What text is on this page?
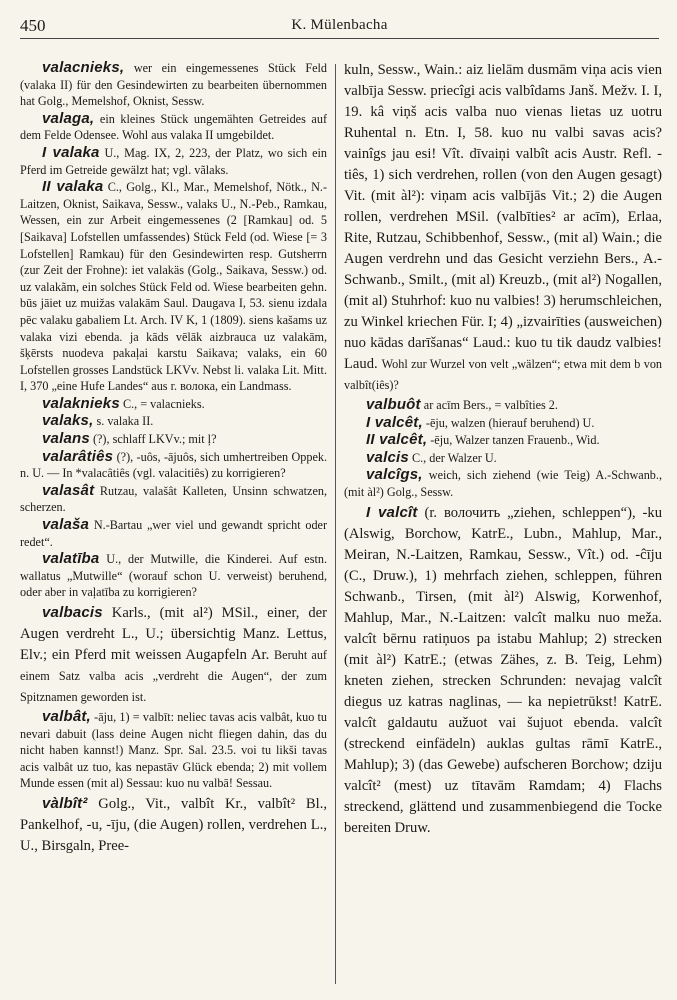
450	K. Mülenbacha

valacnieks, wer ein eingemessenes Stück Feld (valaka II) für den Gesindewirten zu bearbeiten übernommen hat Golg., Memelshof, Oknist, Sessw.

valaga, ein kleines Stück ungemähten Getreides auf dem Felde Odensee. Wohl aus valaka II umgebildet.

I valaka U., Mag. IX, 2, 223, der Platz, wo sich ein Pferd im Getreide gewälzt hat; vgl. vãlaks.

II valaka C., Golg., Kl., Mar., Memelshof, Nötk., N.-Laitzen, Oknist, Saikava, Sessw., valaks U., N.-Peb., Ramkau, Wessen, ein zur Arbeit eingemessenes (2 [Ramkau] od. 5 [Saikava] Lofstellen umfassendes) Stück Feld (od. Wiese [= 3 Lofstellen] Ramkau) für den Gesindewirten resp. Gutsherrn (zur Zeit der Frohne): iet valakäs (Golg., Saikava, Sessw.) od. uz valakãm, ein solches Stück Feld od. Wiese bearbeiten gehn. būs jāiet uz muižas valakām Saul. Daugava I, 53. sienu izdala pēc valaku gabaliem Lt. Arch. IV K, 1 (1809). siens kašams uz valaka vizi ebenda. ja kāds vēlāk aizbrauca uz valakām, šķērsts nuodeva pakaļai karstu Saikava; valaks, ein 60 Lofstellen grosses Landstück LKVv. Nebst li. valaka Lit. Mitt. I, 370 „eine Hufe Landes“ aus r. волока, ein Landmass.

valaknieks C., = valacnieks.

valaks, s. valaka II.

valans (?), schlaff LKVv.; mit ļ?

valarâtiês (?), -uôs, -ājuôs, sich umhertreiben Oppek. n. U. — In *valacâtiês (vgl. valacitiês) zu korrigieren?

valasât Rutzau, valašât Kalleten, Unsinn schwatzen, scherzen.

valaša N.-Bartau „wer viel und gewandt spricht oder redet“.

valatība U., der Mutwille, die Kinderei. Auf estn. wallatus „Mutwille“ (worauf schon U. verweist) beruhend, oder aber in vaļatība zu korrigieren?

valbacis Karls., (mit al²) MSil., einer, der Augen verdreht L., U.; übersichtig Manz. Lettus, Elv.; ein Pferd mit weissen Augapfeln Ar. Beruht auf einem Satz valba acis „verdreht die Augen“, der zum Spitznamen geworden ist.

valbât, -āju, 1) = valbīt: neliec tavas acis valbât, kuo tu nevari dabuit (lass deine Augen nicht fliegen dahin, das du nicht haben kannst!) Manz. Spr. Sal. 23.5. voi tu likši tavas acis valbât uz tuo, kas nepastāv Glück ebenda; 2) mit vollem Munde essen (mit al) Sessau: kuo nu valbā! Sessau.

vàlbît² Golg., Vit., valbît Kr., valbît² Bl., Pankelhof, -u, -īju, (die Augen) rollen, verdrehen L., U., Birsgaln, Pree-

kuln, Sessw., Wain.: aiz lielām dusmām viņa acis vien valbīja Sessw. priecîgi acis valbîdams Janš. Mežv. I. I, 19. kâ viņš acis valba nuo vienas lietas uz uotru Ruhental n. Etn. I, 58. kuo nu valbi savas acis? vainîgs jau esi! Vît. dīvaiņi valbît acis Austr. Refl. -tiês, 1) sich verdrehen, rollen (von den Augen gesagt) Vit. (mit àl²): viņam acis valbījās Vit.; 2) die Augen rollen, verdrehen MSil. (valbīties² ar acīm), Erlaa, Rite, Rutzau, Schibbenhof, Sessw., (mit al) Wain.; die Augen verdrehn und das Gesicht verziehn Bers., A.-Schwanb., Smilt., (mit al) Kreuzb., (mit al²) Nogallen, (mit al) Stuhrhof: kuo nu valbies! 3) herumschleichen, zu Winkel kriechen Für. I; 4) „izvairīties (ausweichen) nuo kādas darīšanas“ Laud.: kuo tu tik daudz valbies! Laud. Wohl zur Wurzel von velt „wälzen“; etwa mit dem b von valbît(iês)?

valbuôt ar acīm Bers., = valbîties 2.

I valcêt, -ēju, walzen (hierauf beruhend) U.

II valcêt, -ēju, Walzer tanzen Frauenb., Wid.

valcis C., der Walzer U.

valcîgs, weich, sich ziehend (wie Teig) A.-Schwanb., (mit àl²) Golg., Sessw.

I valcît (r. волочить „ziehen, schleppen“), -ku (Alswig, Borchow, KatrE., Lubn., Mahlup, Mar., Meiran, N.-Laitzen, Ramkau, Sessw., Vît.) od. -ĉīju (C., Druw.), 1) mehrfach ziehen, schleppen, führen Schwanb., Tirsen, (mit àl²) Alswig, Korwenhof, Mahlup, Mar., N.-Laitzen: valcît malku nuo meža. valcît bērnu ratiņuos pa istabu Mahlup; 2) strecken (mit àl²) KatrE.; (etwas Zähes, z. B. Teig, Lehm) kneten ziehen, strecken Schrunden: nevajag valcît diegus uz katras naglinas, — ka nepietrūkst! KatrE. valcît galdautu aužuot vai šujuot ebenda. valcît (streckend einfädeln) auklas gultas rāmī KatrE., Mahlup); 3) (das Gewebe) aufscheren Borchow; dziju valcît² (mest) uz tītavām Ramdam; 4) Flachs streckend, glättend und zusammenbiegend die Tocke bereiten Druw.
